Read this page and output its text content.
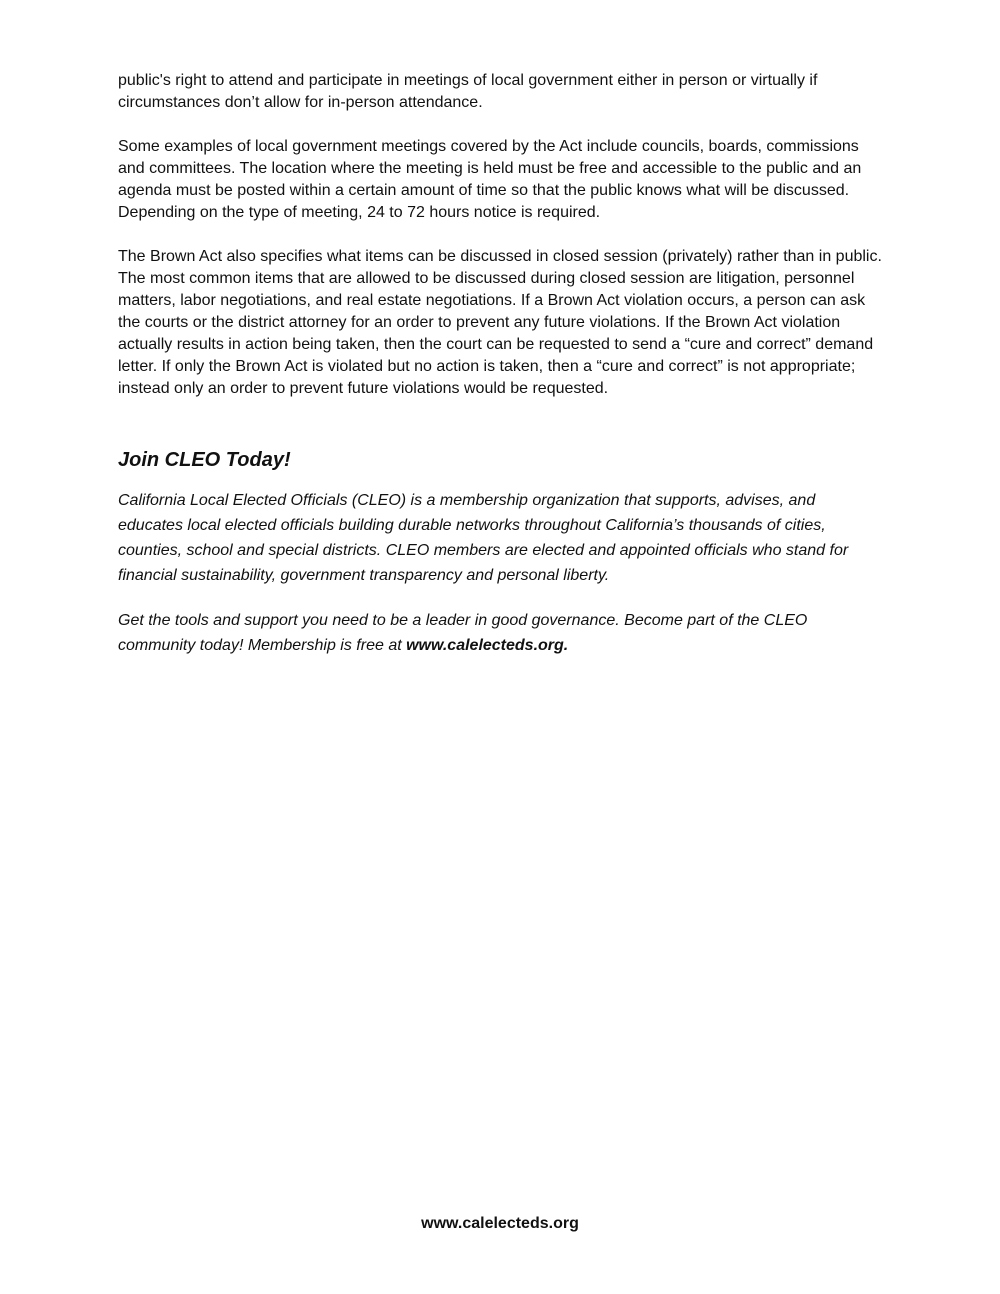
public's right to attend and participate in meetings of local government either in person or virtually if circumstances don’t allow for in-person attendance.

Some examples of local government meetings covered by the Act include councils, boards, commissions and committees. The location where the meeting is held must be free and accessible to the public and an agenda must be posted within a certain amount of time so that the public knows what will be discussed. Depending on the type of meeting, 24 to 72 hours notice is required.

The Brown Act also specifies what items can be discussed in closed session (privately) rather than in public. The most common items that are allowed to be discussed during closed session are litigation, personnel matters, labor negotiations, and real estate negotiations. If a Brown Act violation occurs, a person can ask the courts or the district attorney for an order to prevent any future violations. If the Brown Act violation actually results in action being taken, then the court can be requested to send a “cure and correct” demand letter. If only the Brown Act is violated but no action is taken, then a “cure and correct” is not appropriate; instead only an order to prevent future violations would be requested.

Join CLEO Today!

California Local Elected Officials (CLEO) is a membership organization that supports, advises, and educates local elected officials building durable networks throughout California’s thousands of cities, counties, school and special districts. CLEO members are elected and appointed officials who stand for financial sustainability, government transparency and personal liberty.

Get the tools and support you need to be a leader in good governance. Become part of the CLEO community today! Membership is free at www.calelecteds.org.

www.calelecteds.org
